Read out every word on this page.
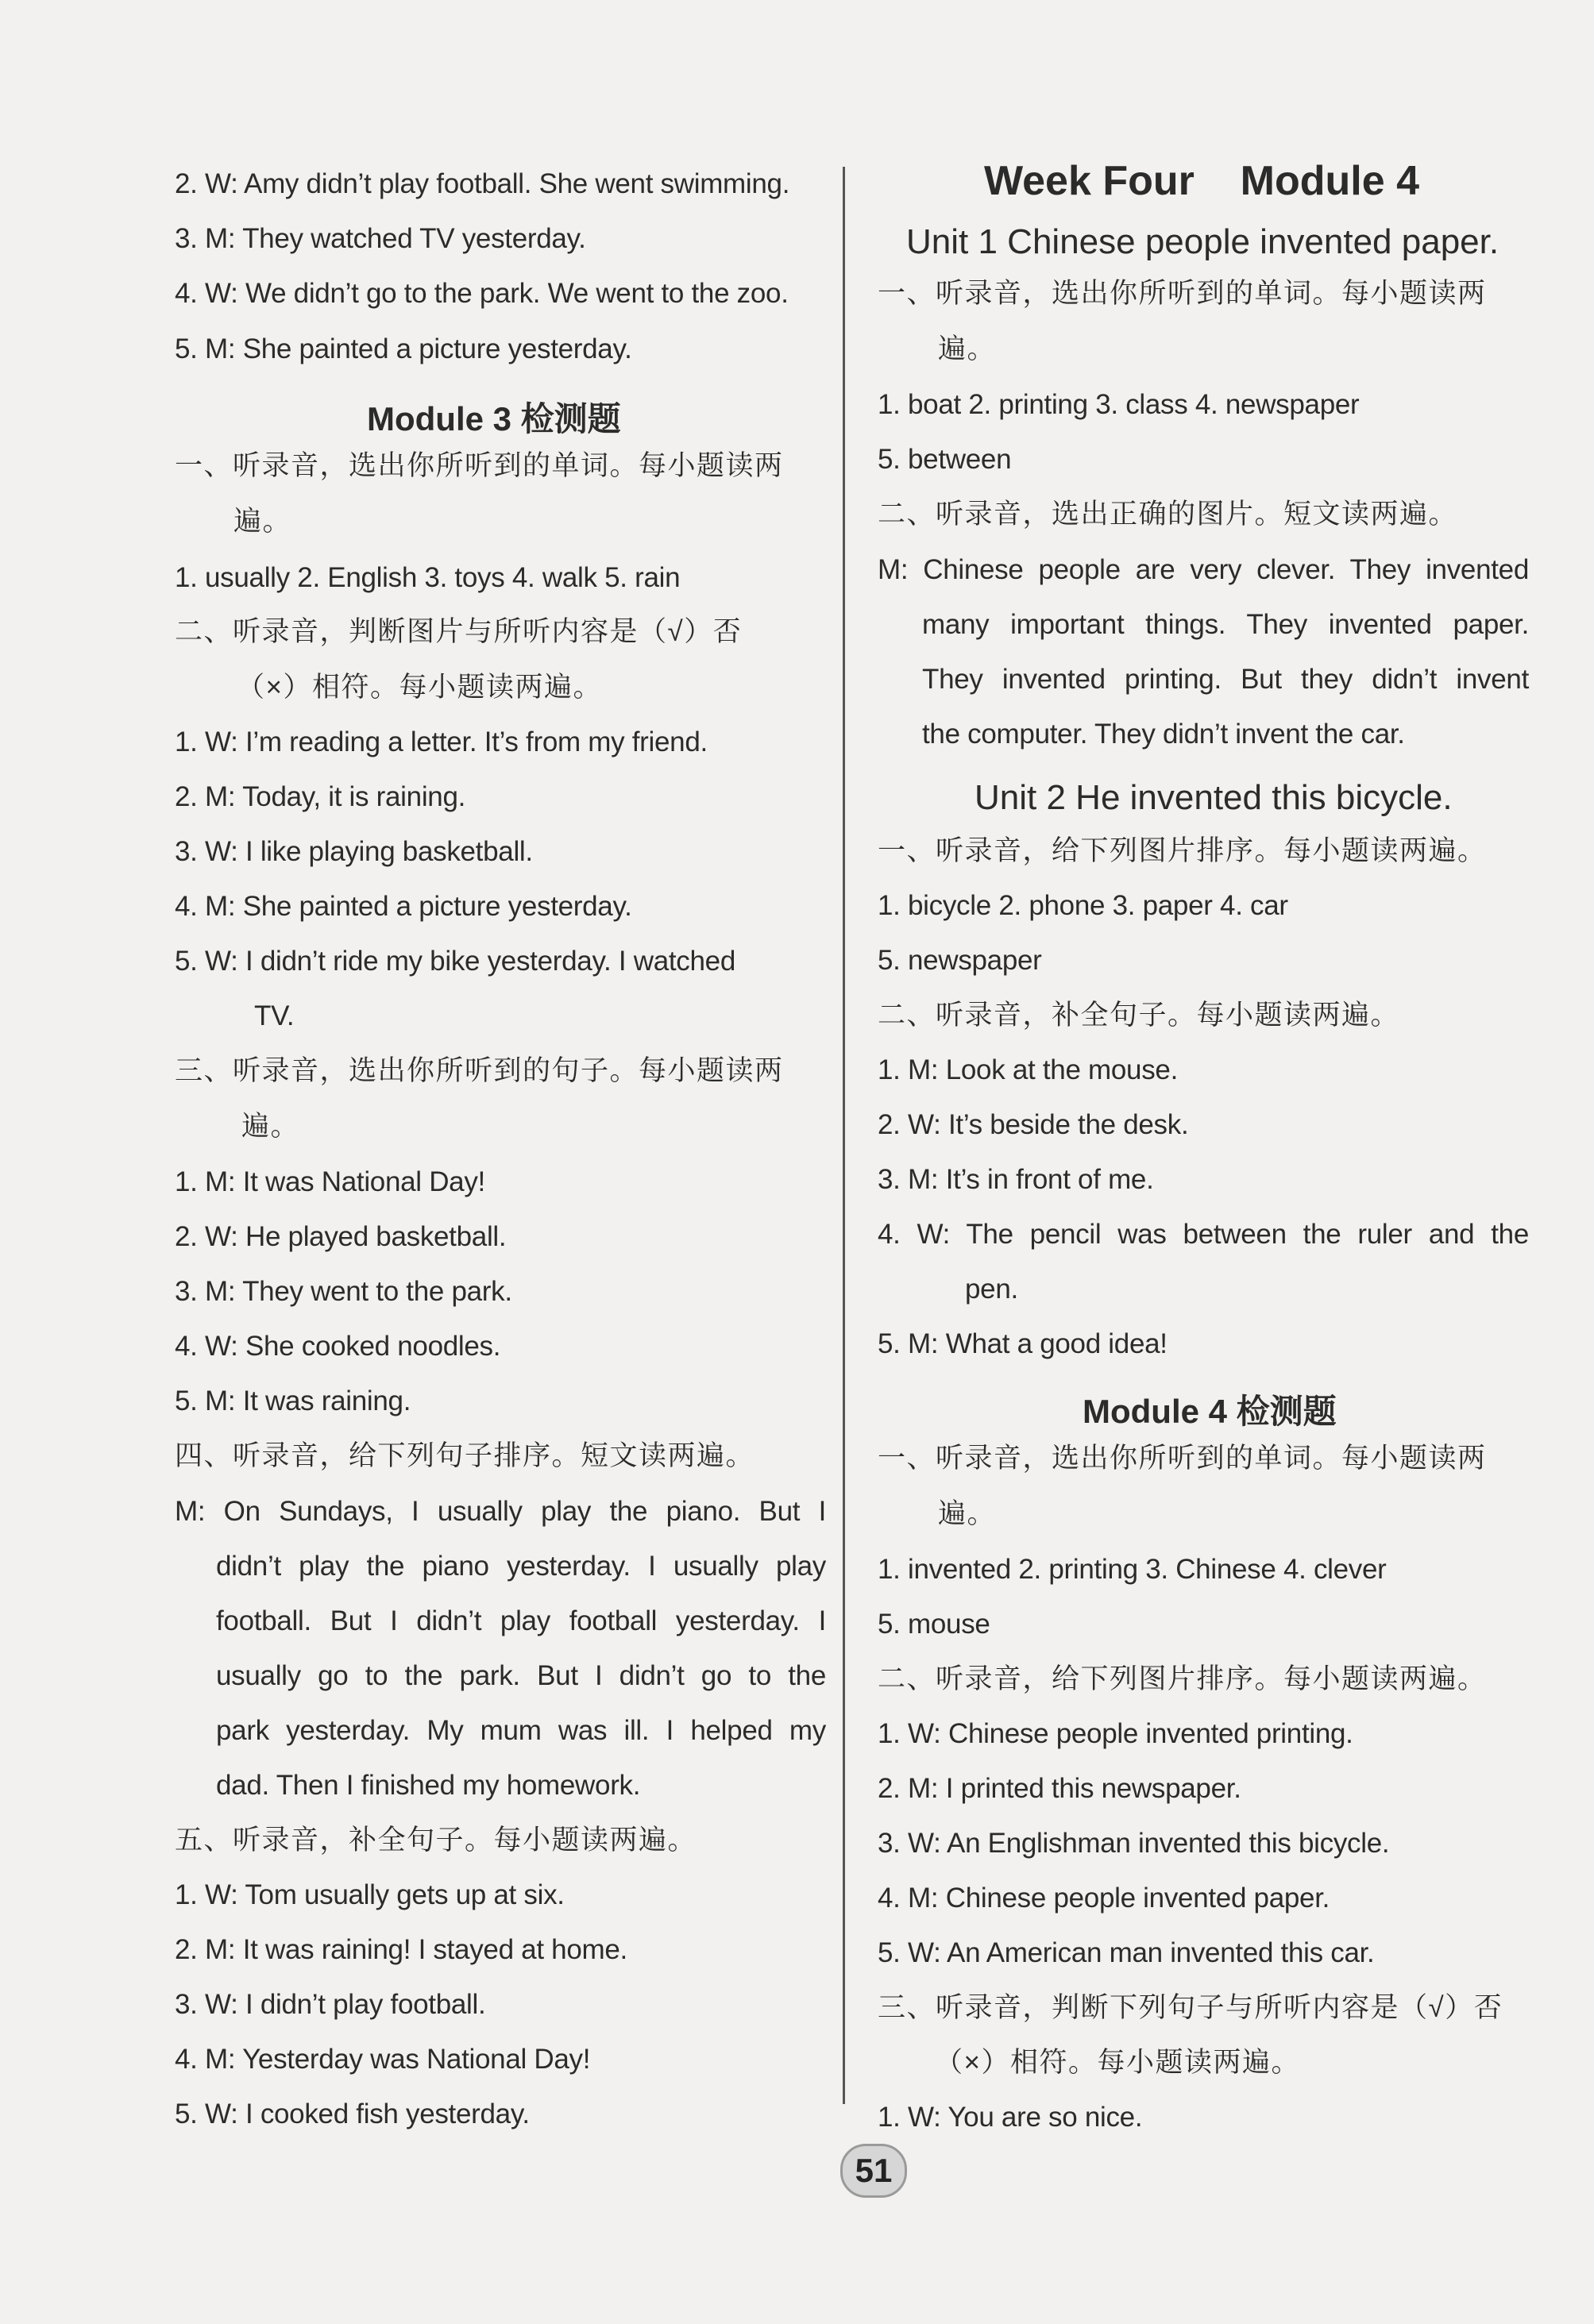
2. W: Amy didn’t play football. She went swimming.
3. M: They watched TV yesterday.
4. W: We didn’t go to the park. We went to the zoo.
5. M: She painted a picture yesterday.
Module 3 检测题
一、听录音，选出你所听到的单词。每小题读两
遍。
1. usually 2. English 3. toys 4. walk 5. rain
二、听录音，判断图片与所听内容是（√）否
（×）相符。每小题读两遍。
1. W: I’m reading a letter. It’s from my friend.
2. M: Today, it is raining.
3. W: I like playing basketball.
4. M: She painted a picture yesterday.
5. W: I didn’t ride my bike yesterday. I watched
TV.
三、听录音，选出你所听到的句子。每小题读两
遍。
1. M: It was National Day!
2. W: He played basketball.
3. M: They went to the park.
4. W: She cooked noodles.
5. M: It was raining.
四、听录音，给下列句子排序。短文读两遍。
M: On Sundays, I usually play the piano. But I
didn’t play the piano yesterday. I usually play
football. But I didn’t play football yesterday. I
usually go to the park. But I didn’t go to the
park yesterday. My mum was ill. I helped my
dad. Then I finished my homework.
五、听录音，补全句子。每小题读两遍。
1. W: Tom usually gets up at six.
2. M: It was raining! I stayed at home.
3. W: I didn’t play football.
4. M: Yesterday was National Day!
5. W: I cooked fish yesterday.
Week Four    Module 4
Unit 1 Chinese people invented paper.
一、听录音，选出你所听到的单词。每小题读两
遍。
1. boat 2. printing 3. class 4. newspaper
5. between
二、听录音，选出正确的图片。短文读两遍。
M: Chinese people are very clever. They invented
many important things. They invented paper.
They invented printing. But they didn’t invent
the computer. They didn’t invent the car.
Unit 2 He invented this bicycle.
一、听录音，给下列图片排序。每小题读两遍。
1. bicycle 2. phone 3. paper 4. car
5. newspaper
二、听录音，补全句子。每小题读两遍。
1. M: Look at the mouse.
2. W: It’s beside the desk.
3. M: It’s in front of me.
4. W: The pencil was between the ruler and the
pen.
5. M: What a good idea!
Module 4 检测题
一、听录音，选出你所听到的单词。每小题读两
遍。
1. invented 2. printing 3. Chinese 4. clever
5. mouse
二、听录音，给下列图片排序。每小题读两遍。
1. W: Chinese people invented printing.
2. M: I printed this newspaper.
3. W: An Englishman invented this bicycle.
4. M: Chinese people invented paper.
5. W: An American man invented this car.
三、听录音，判断下列句子与所听内容是（√）否
（×）相符。每小题读两遍。
1. W: You are so nice.
51
